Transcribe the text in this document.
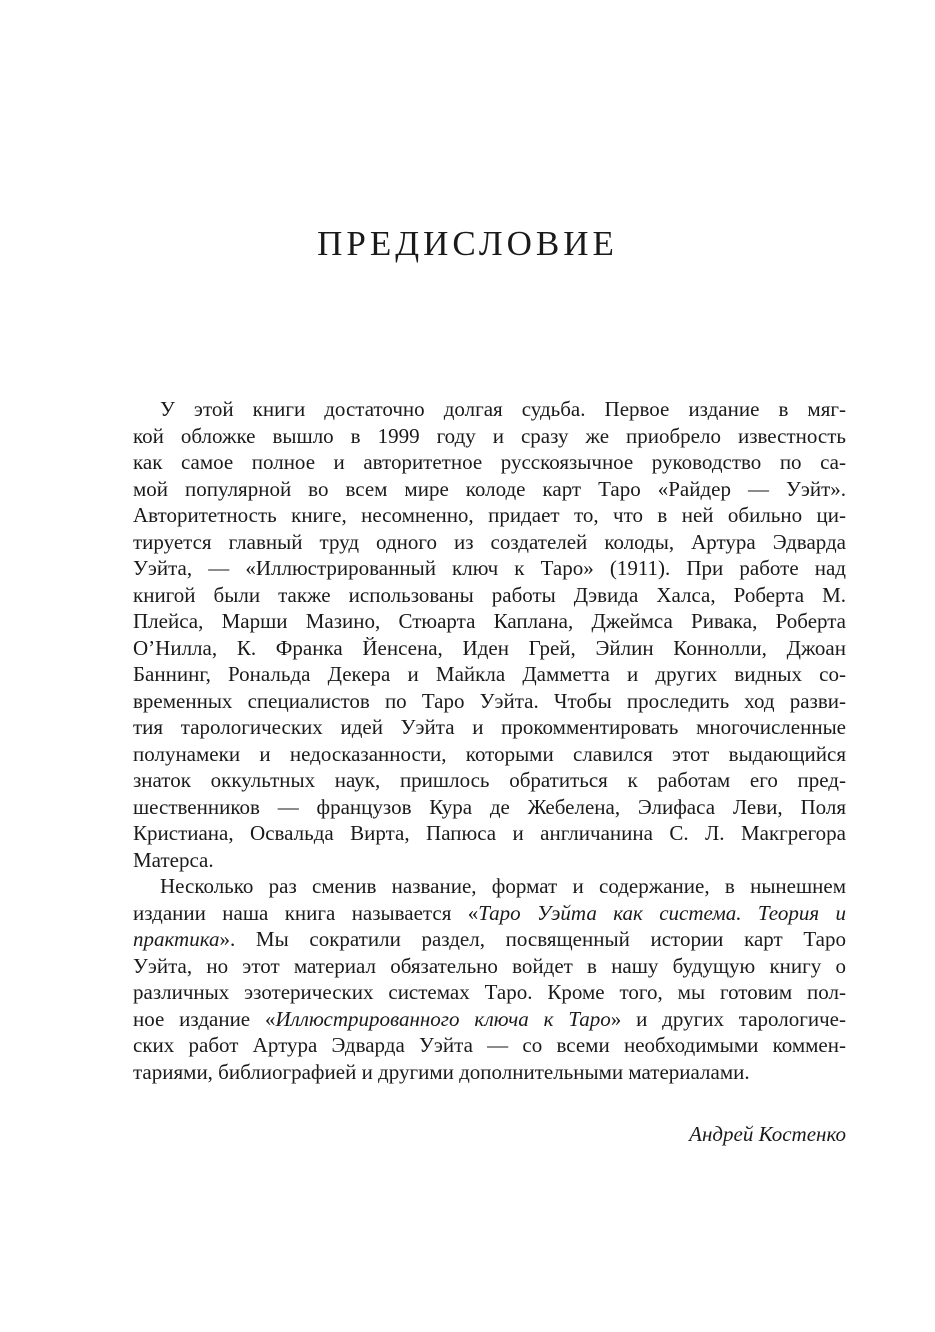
ПРЕДИСЛОВИЕ
У этой книги достаточно долгая судьба. Первое издание в мяг-
кой обложке вышло в 1999 году и сразу же приобрело известность
как самое полное и авторитетное русскоязычное руководство по са-
мой популярной во всем мире колоде карт Таро «Райдер — Уэйт».
Авторитетность книге, несомненно, придает то, что в ней обильно ци-
тируется главный труд одного из создателей колоды, Артура Эдварда
Уэйта, — «Иллюстрированный ключ к Таро» (1911). При работе над
книгой были также использованы работы Дэвида Халса, Роберта М.
Плейса, Марши Мазино, Стюарта Каплана, Джеймса Ривака, Роберта
О’Нилла, К. Франка Йенсена, Иден Грей, Эйлин Коннолли, Джоан
Баннинг, Рональда Декера и Майкла Дамметта и других видных со-
временных специалистов по Таро Уэйта. Чтобы проследить ход разви-
тия тарологических идей Уэйта и прокомментировать многочисленные
полунамеки и недосказанности, которыми славился этот выдающийся
знаток оккультных наук, пришлось обратиться к работам его пред-
шественников — французов Кура де Жебелена, Элифаса Леви, Поля
Кристиана, Освальда Вирта, Папюса и англичанина С. Л. Макгрегора
Матерса.
Несколько раз сменив название, формат и содержание, в нынешнем
издании наша книга называется «Таро Уэйта как система. Теория и
практика». Мы сократили раздел, посвященный истории карт Таро
Уэйта, но этот материал обязательно войдет в нашу будущую книгу о
различных эзотерических системах Таро. Кроме того, мы готовим пол-
ное издание «Иллюстрированного ключа к Таро» и других тарологиче-
ских работ Артура Эдварда Уэйта — со всеми необходимыми коммен-
тариями, библиографией и другими дополнительными материалами.
Андрей Костенко
